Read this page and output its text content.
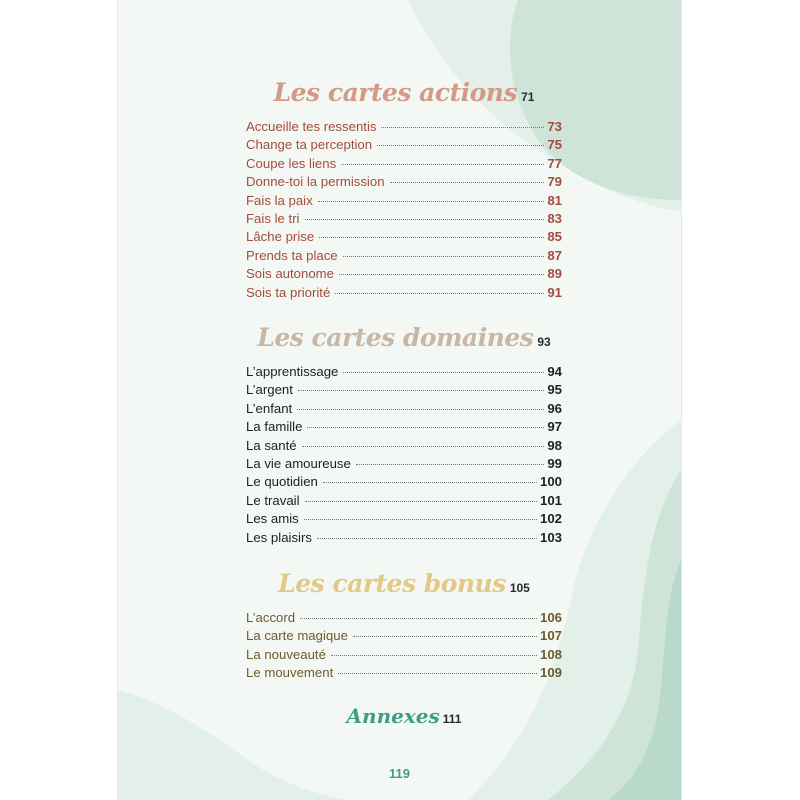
Les cartes actions 71
Accueille tes ressentis	73
Change ta perception	75
Coupe les liens	77
Donne-toi la permission	79
Fais la paix	81
Fais le tri	83
Lâche prise	85
Prends ta place	87
Sois autonome	89
Sois ta priorité	91
Les cartes domaines 93
L’apprentissage	94
L’argent	95
L’enfant	96
La famille	97
La santé	98
La vie amoureuse	99
Le quotidien	100
Le travail	101
Les amis	102
Les plaisirs	103
Les cartes bonus 105
L’accord	106
La carte magique	107
La nouveauté	108
Le mouvement	109
Annexes 111
119
